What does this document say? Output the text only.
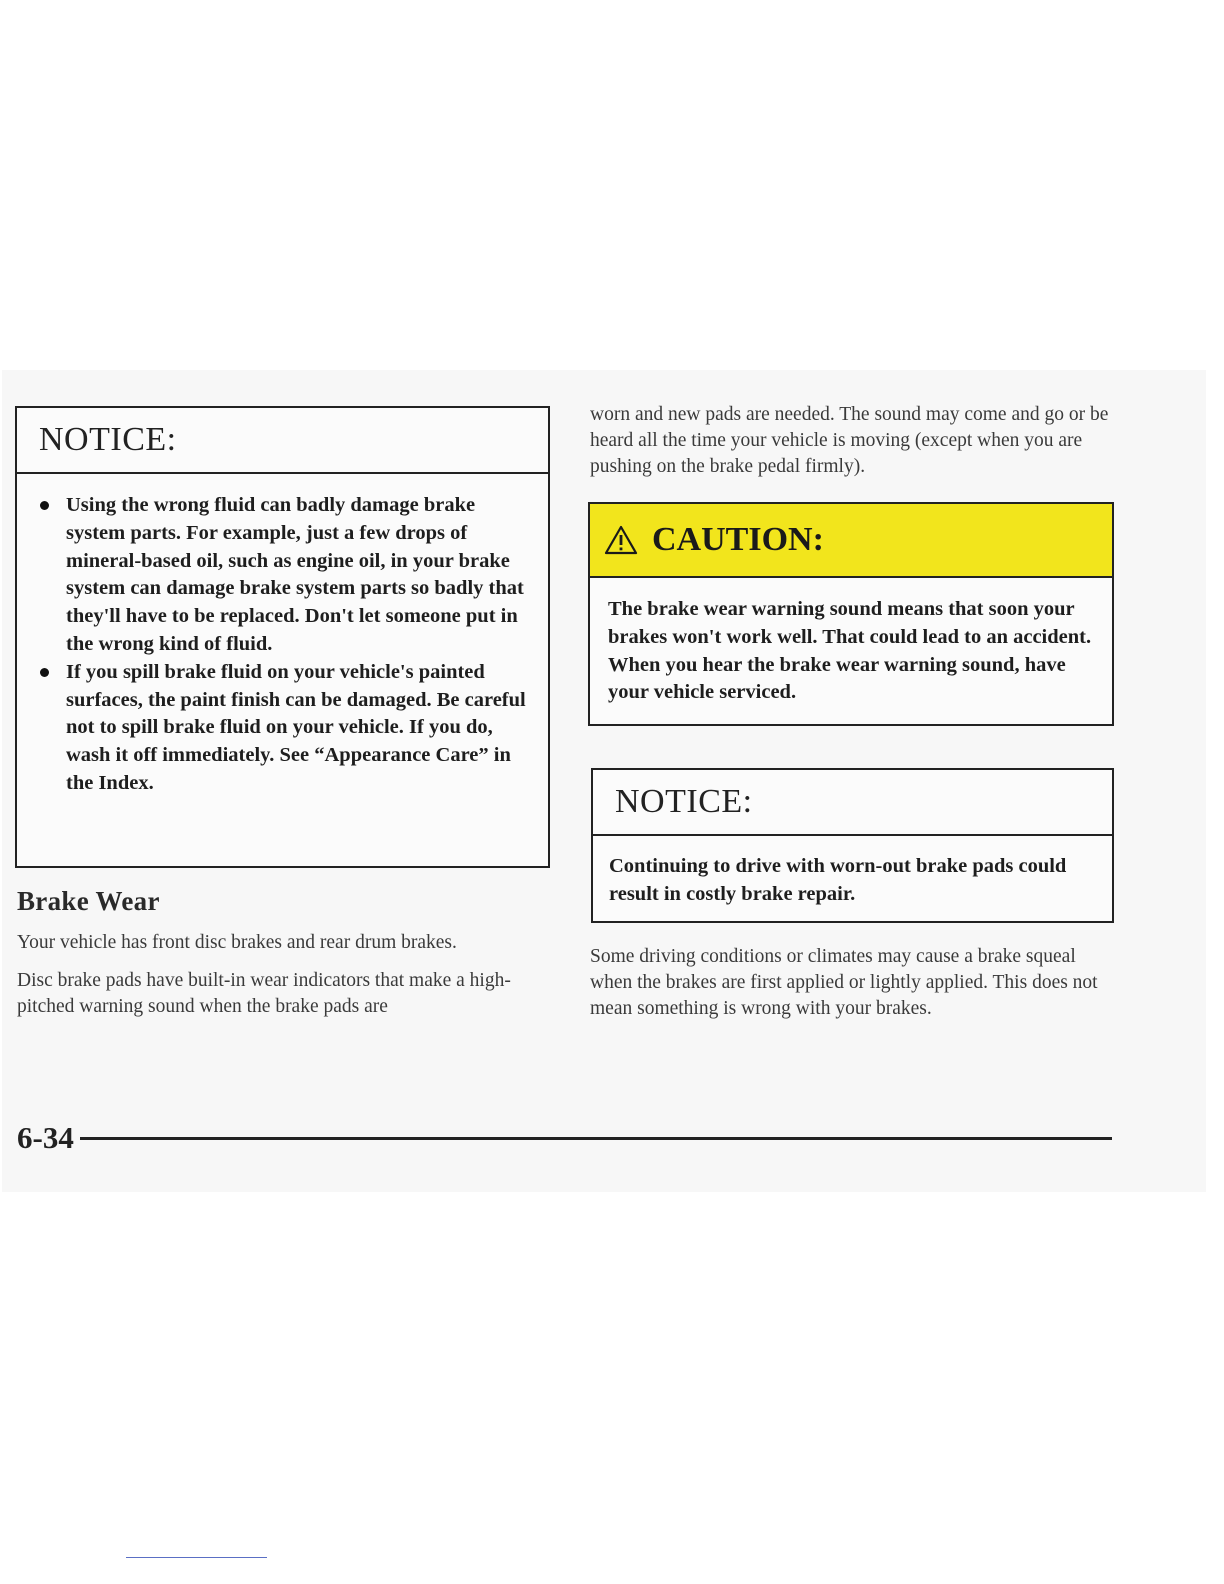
NOTICE:
Using the wrong fluid can badly damage brake system parts. For example, just a few drops of mineral-based oil, such as engine oil, in your brake system can damage brake system parts so badly that they'll have to be replaced. Don't let someone put in the wrong kind of fluid.
If you spill brake fluid on your vehicle's painted surfaces, the paint finish can be damaged. Be careful not to spill brake fluid on your vehicle. If you do, wash it off immediately. See “Appearance Care” in the Index.
Brake Wear

Your vehicle has front disc brakes and rear drum brakes.

Disc brake pads have built-in wear indicators that make a high-pitched warning sound when the brake pads are

worn and new pads are needed. The sound may come and go or be heard all the time your vehicle is moving (except when you are pushing on the brake pedal firmly).

CAUTION:
The brake wear warning sound means that soon your brakes won't work well. That could lead to an accident. When you hear the brake wear warning sound, have your vehicle serviced.
NOTICE:
Continuing to drive with worn-out brake pads could result in costly brake repair.

Some driving conditions or climates may cause a brake squeal when the brakes are first applied or lightly applied. This does not mean something is wrong with your brakes.

6-34
